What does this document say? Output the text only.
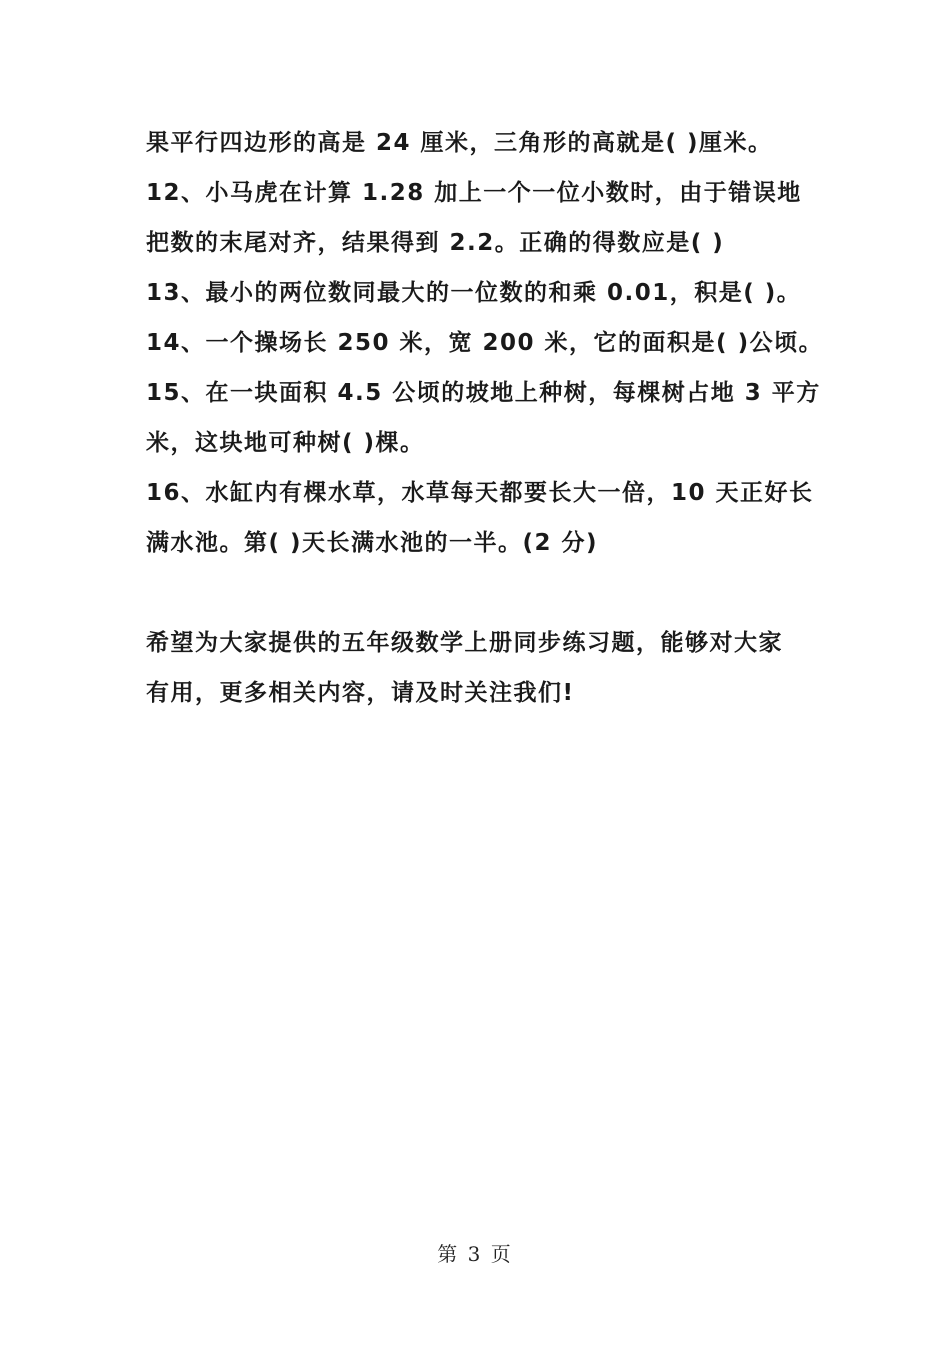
果平行四边形的高是 24 厘米，三角形的高就是( )厘米。
12、小马虎在计算 1.28 加上一个一位小数时，由于错误地
把数的末尾对齐，结果得到 2.2。正确的得数应是( )
13、最小的两位数同最大的一位数的和乘 0.01，积是( )。
14、一个操场长 250 米，宽 200 米，它的面积是( )公顷。
15、在一块面积 4.5 公顷的坡地上种树，每棵树占地 3 平方
米，这块地可种树( )棵。
16、水缸内有棵水草，水草每天都要长大一倍，10 天正好长
满水池。第( )天长满水池的一半。(2 分)
希望为大家提供的五年级数学上册同步练习题，能够对大家
有用，更多相关内容，请及时关注我们!
第 3 页
